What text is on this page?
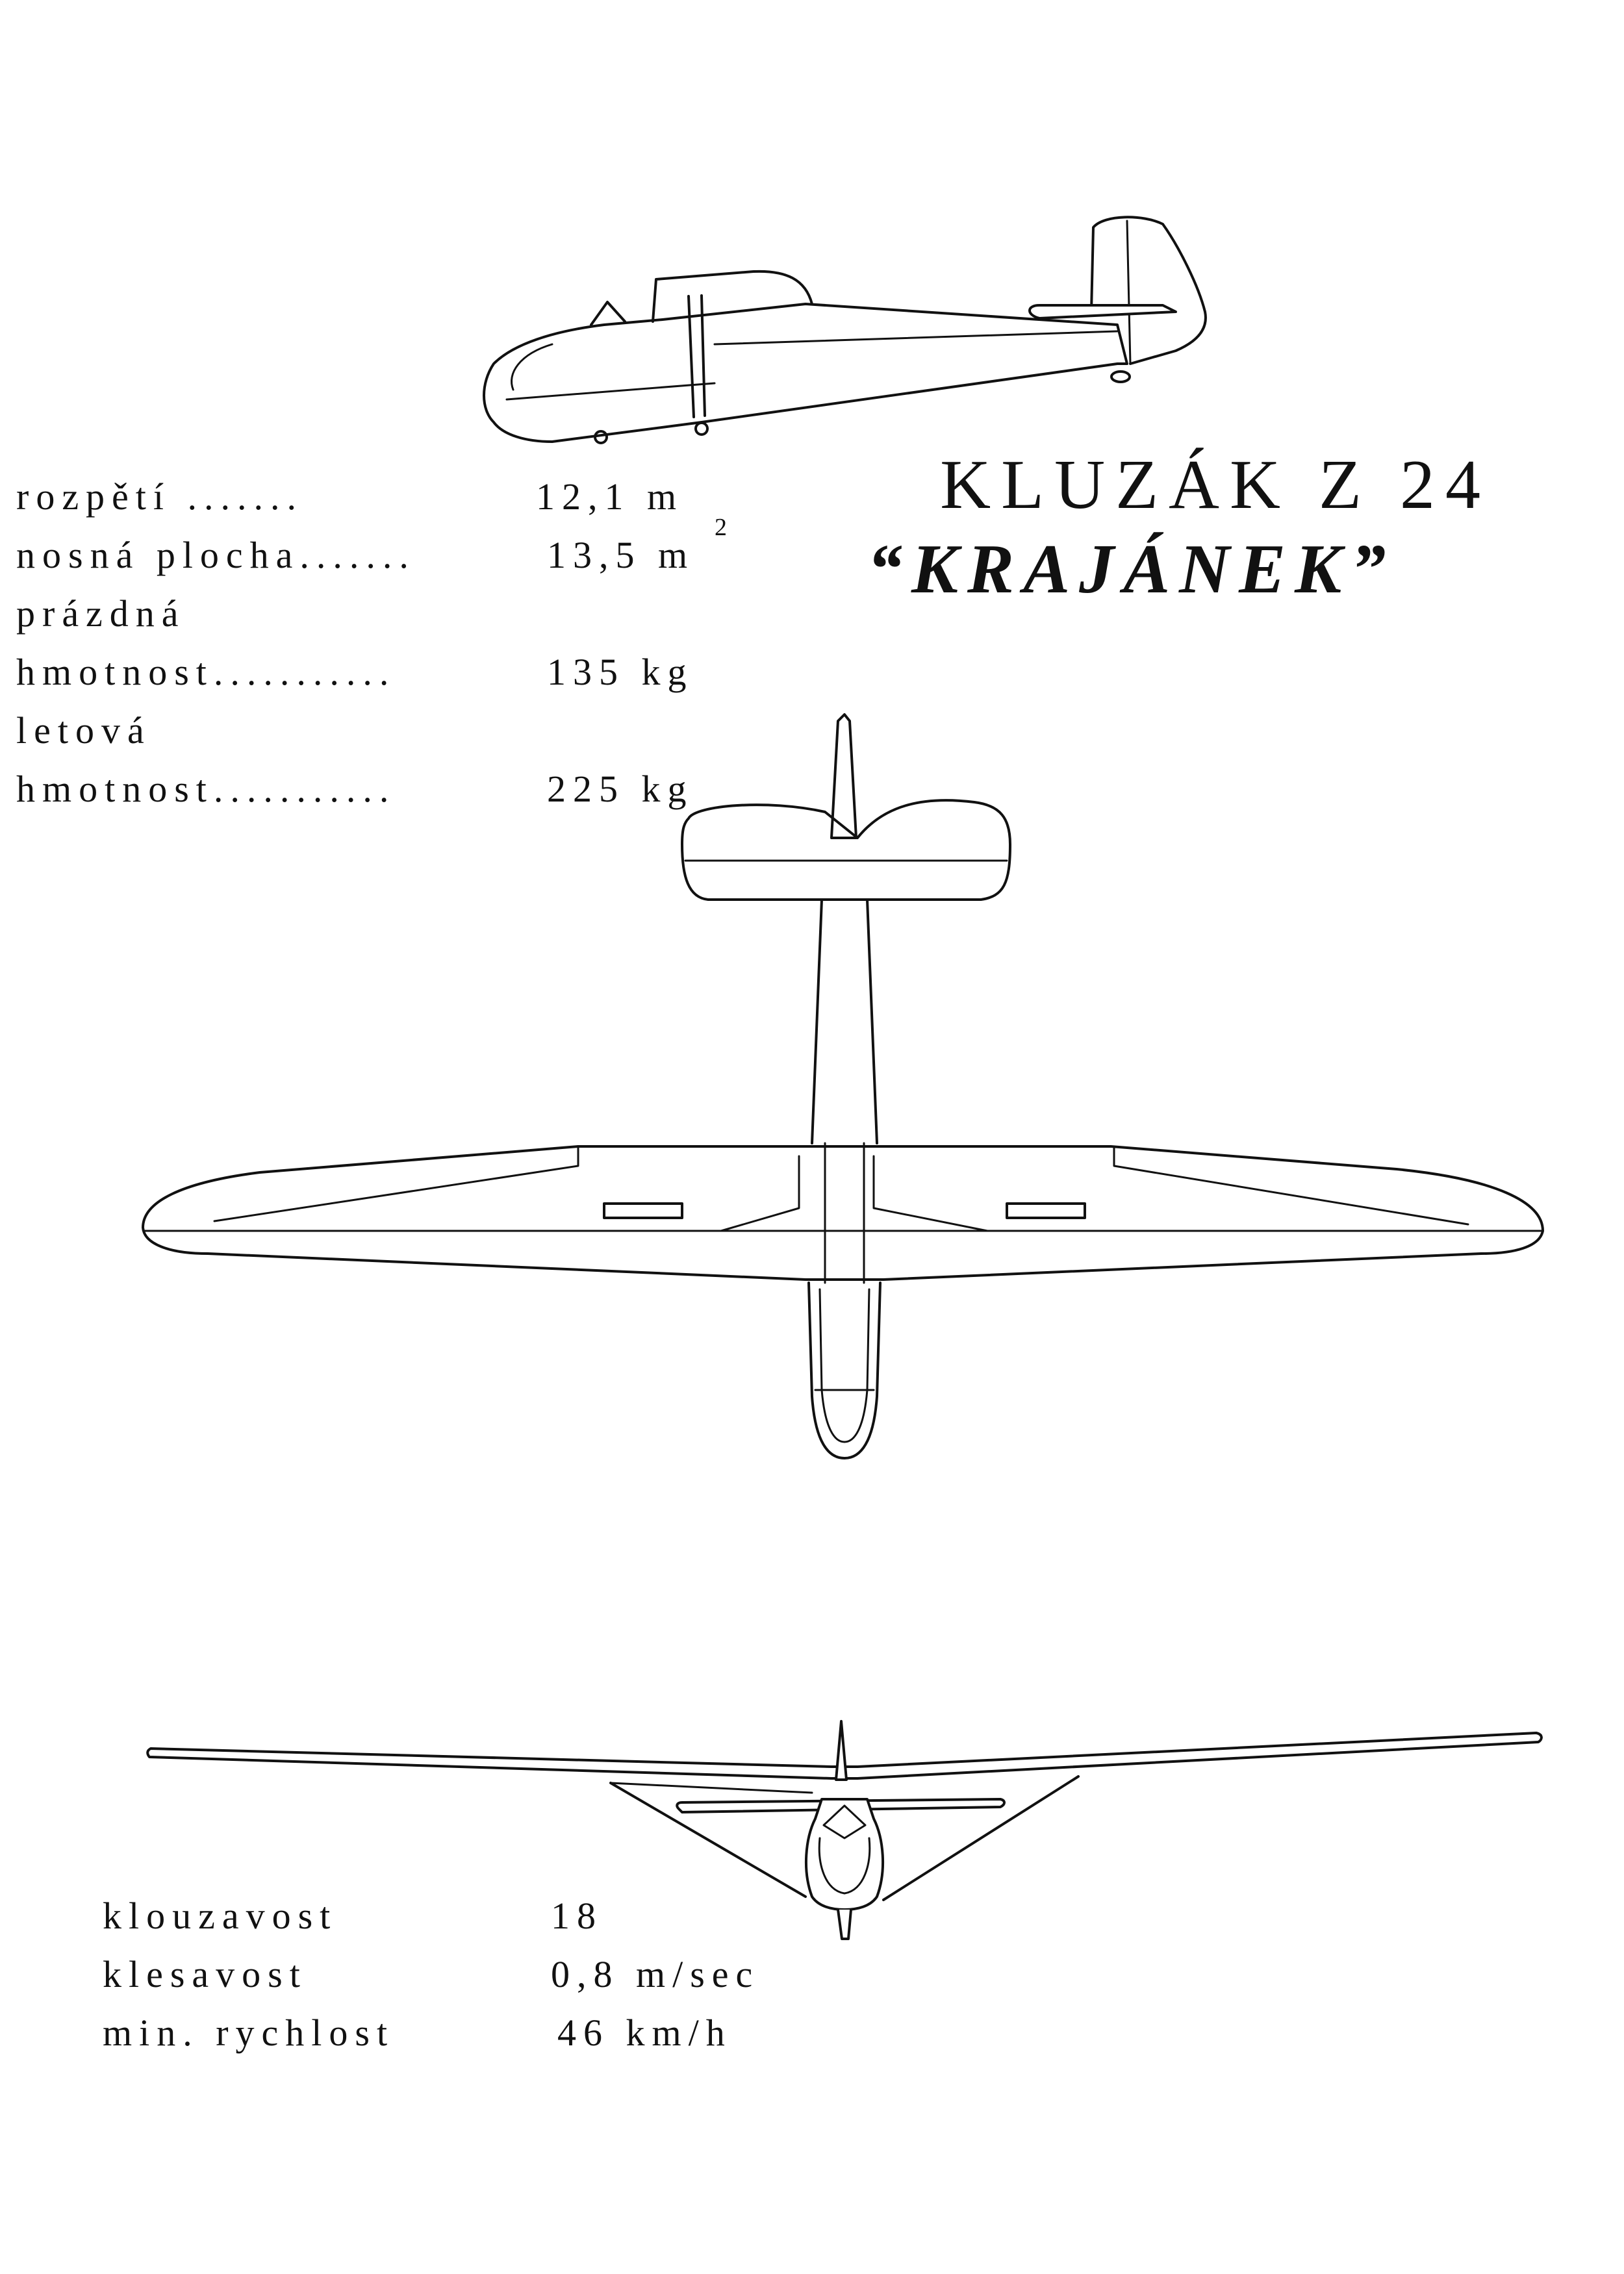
KLUZÁK Z 24
“KRAJÁNEK”
rozpětí .......	12,1 m
nosná plocha.......	13,5 m
2
prázdná
hmotnost...........	135 kg
letová
hmotnost...........	225 kg
klouzavost	18
klesavost	0,8 m/sec
min. rychlost	46 km/h
